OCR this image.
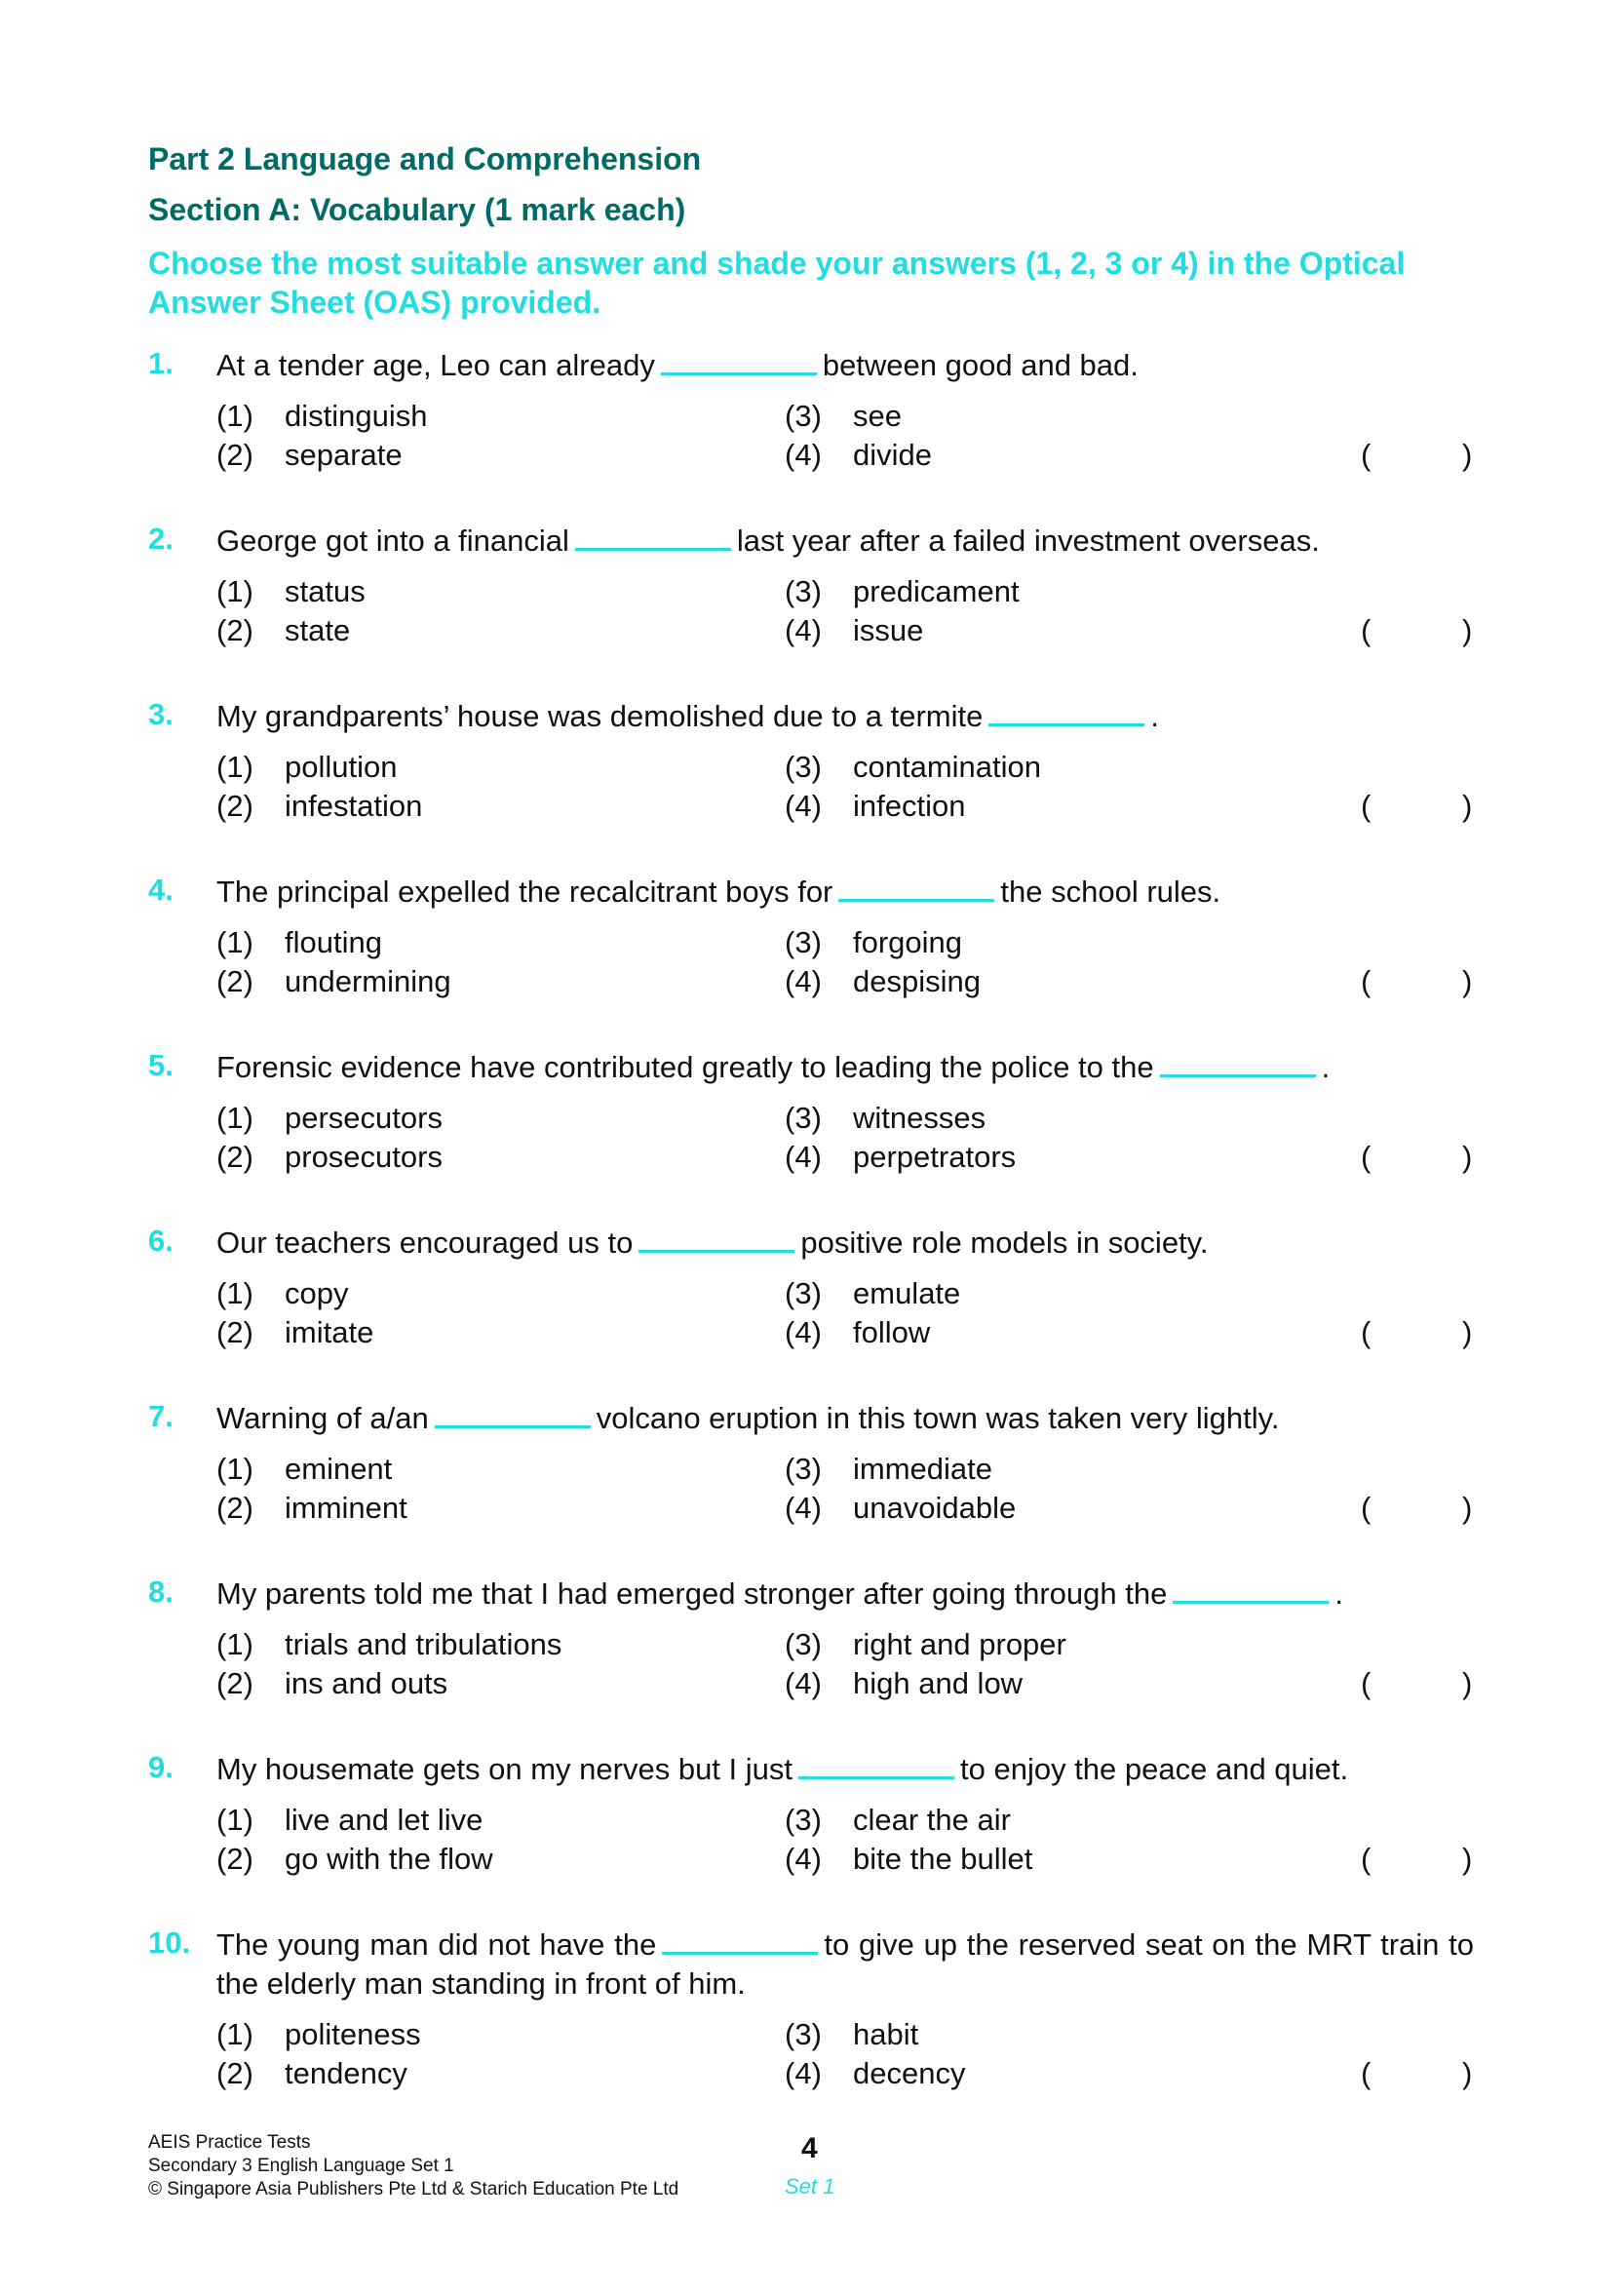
Part 2 Language and Comprehension
Section A: Vocabulary (1 mark each)
Choose the most suitable answer and shade your answers (1, 2, 3 or 4) in the Optical Answer Sheet (OAS) provided.
1. At a tender age, Leo can already	between good and bad.
(1) distinguish
(2) separate
(3) see
(4) divide	(	)
2. George got into a financial	last year after a failed investment overseas.
(1) status
(2) state
(3) predicament
(4) issue	(	)
3. My grandparents’ house was demolished due to a termite	.
(1) pollution
(2) infestation
(3) contamination
(4) infection	(	)
4. The principal expelled the recalcitrant boys for	the school rules.
(1) flouting
(2) undermining
(3) forgoing
(4) despising	(	)
5. Forensic evidence have contributed greatly to leading the police to the	.
(1) persecutors
(2) prosecutors
(3) witnesses
(4) perpetrators	(	)
6. Our teachers encouraged us to	positive role models in society.
(1) copy
(2) imitate
(3) emulate
(4) follow	(	)
7. Warning of a/an	volcano eruption in this town was taken very lightly.
(1) eminent
(2) imminent
(3) immediate
(4) unavoidable	(	)
8. My parents told me that I had emerged stronger after going through the	.
(1) trials and tribulations
(2) ins and outs
(3) right and proper
(4) high and low	(	)
9. My housemate gets on my nerves but I just	to enjoy the peace and quiet.
(1) live and let live
(2) go with the flow
(3) clear the air
(4) bite the bullet	(	)
10. The young man did not have the	to give up the reserved seat on the MRT train to the elderly man standing in front of him.
(1) politeness
(2) tendency
(3) habit
(4) decency	(	)
AEIS Practice Tests
Secondary 3 English Language Set 1
© Singapore Asia Publishers Pte Ltd & Starich Education Pte Ltd
4
Set 1
